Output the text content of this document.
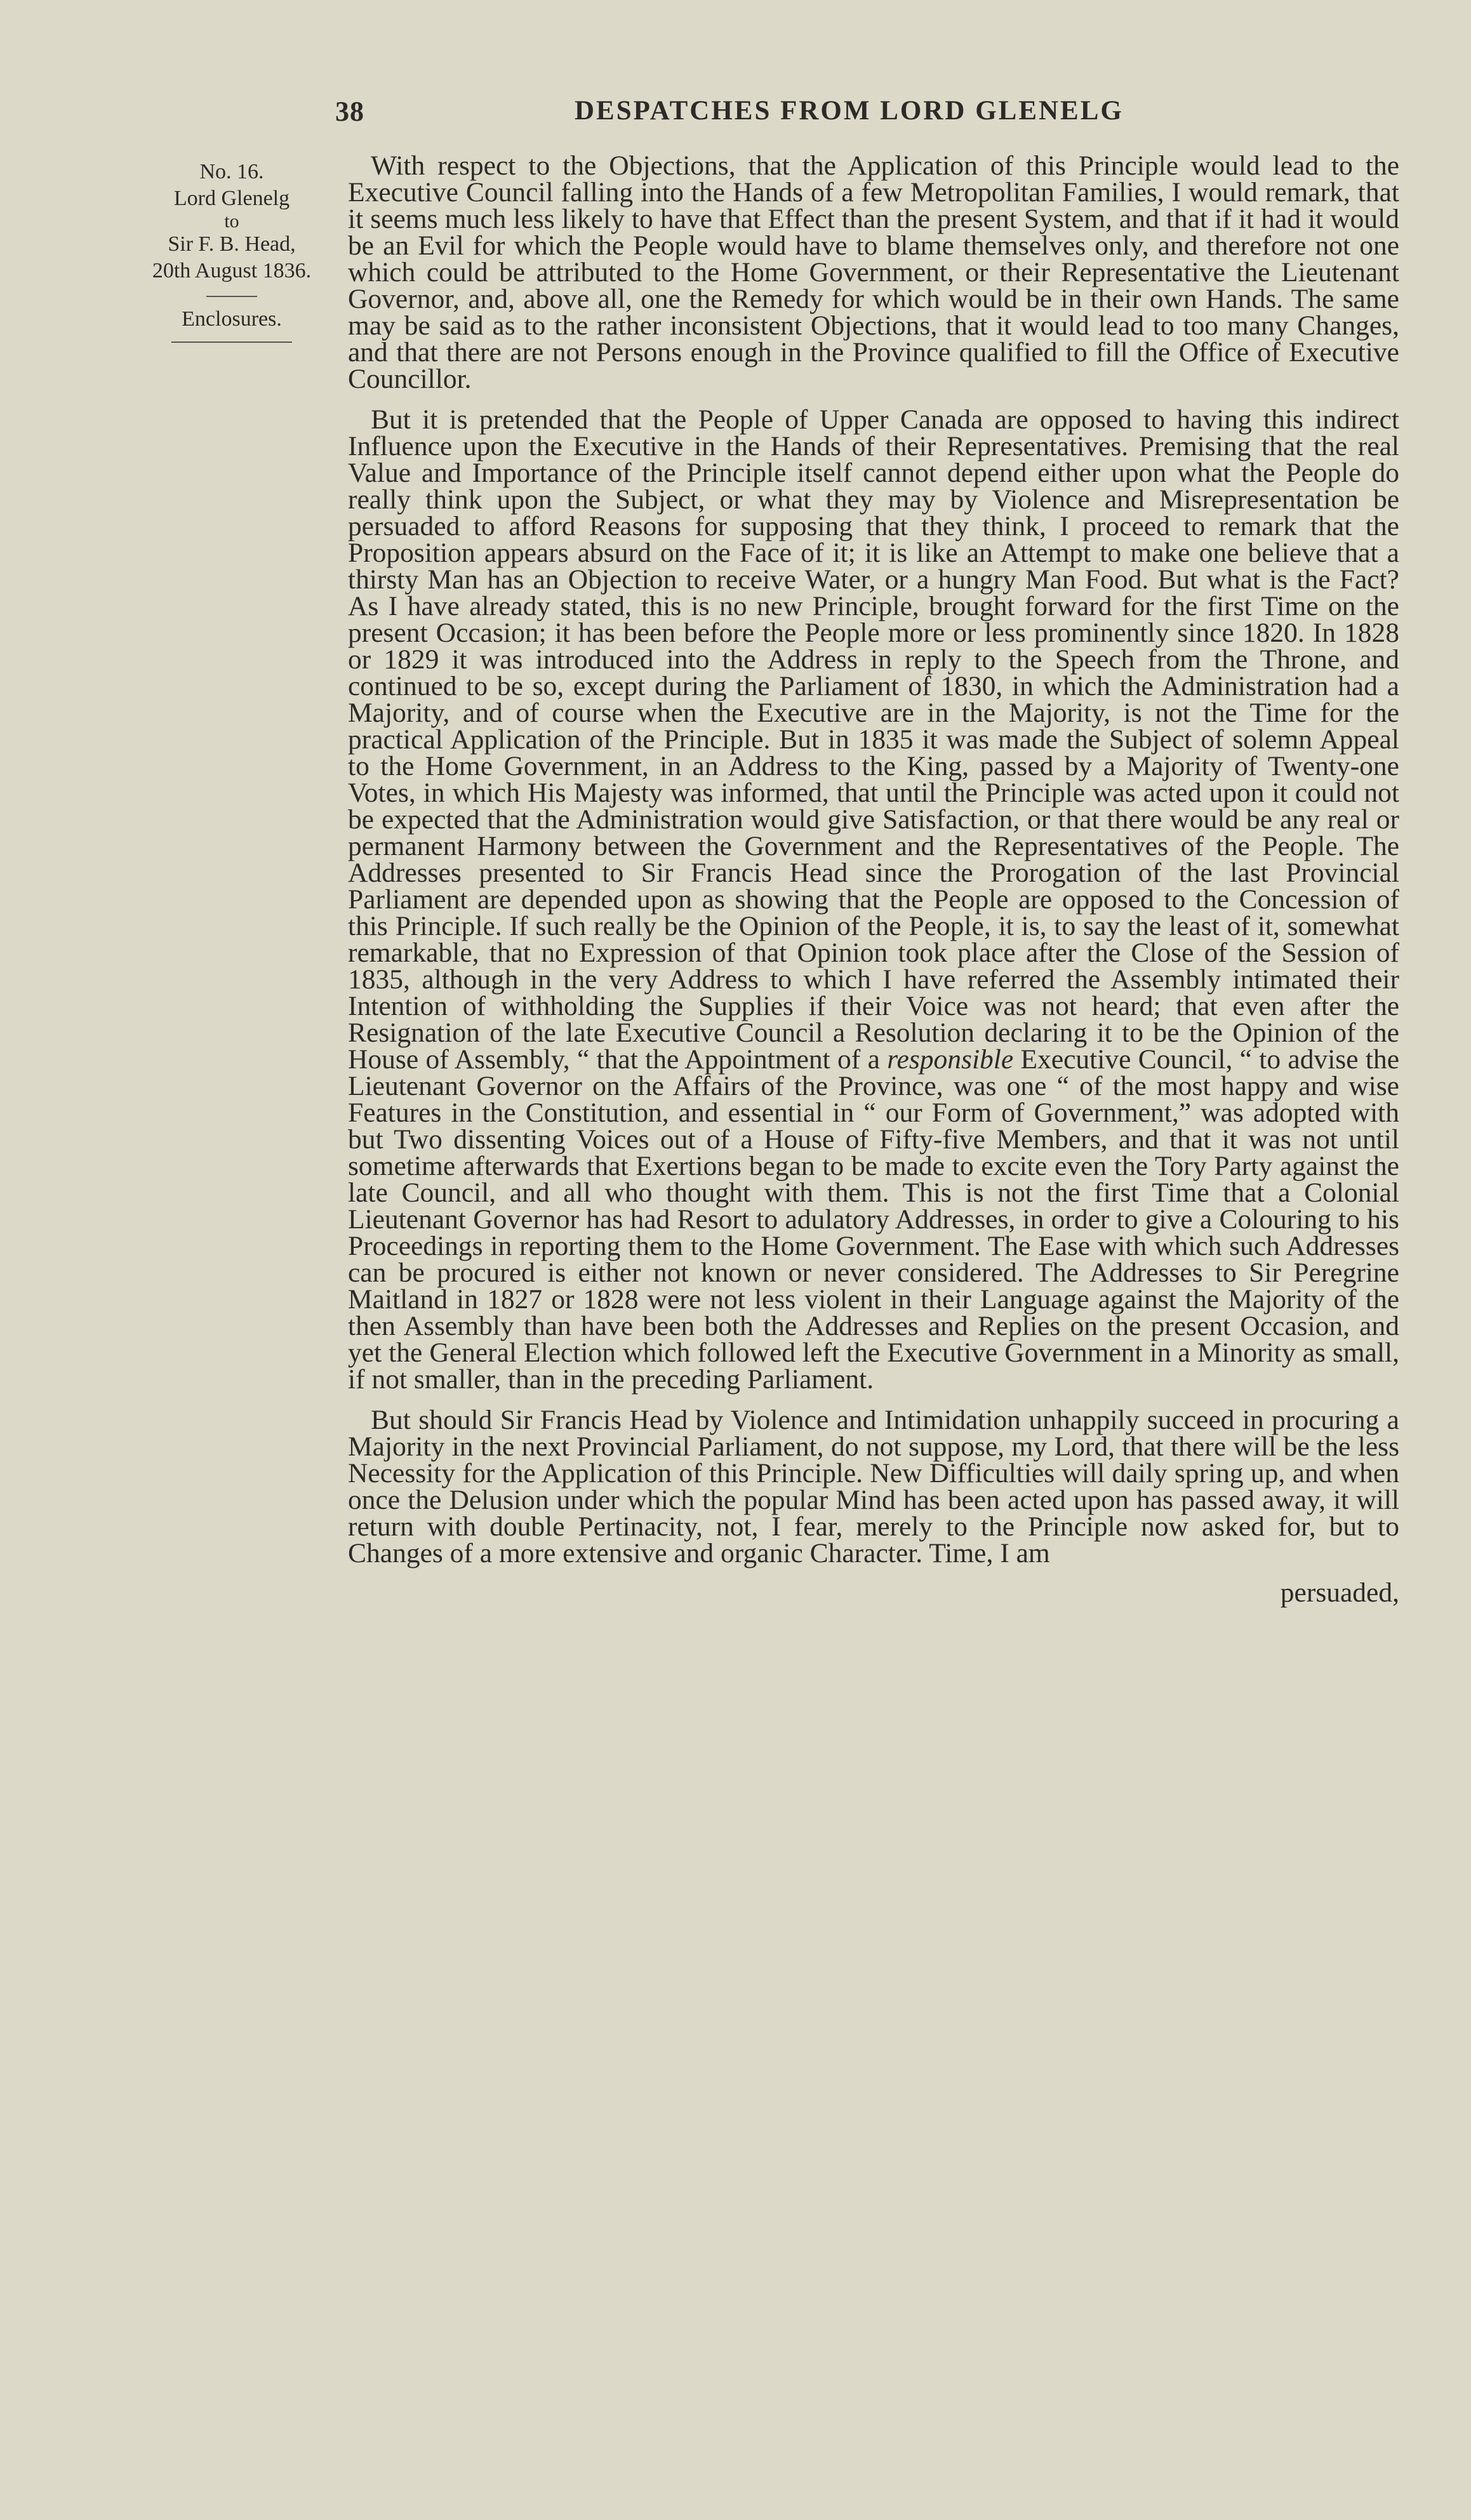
38	DESPATCHES FROM LORD GLENELG
No. 16.
Lord Glenelg
to
Sir F. B. Head,
20th August 1836.
Enclosures.

With respect to the Objections, that the Application of this Principle would lead to the Executive Council falling into the Hands of a few Metropolitan Families, I would remark, that it seems much less likely to have that Effect than the present System, and that if it had it would be an Evil for which the People would have to blame themselves only, and therefore not one which could be attributed to the Home Government, or their Representative the Lieutenant Governor, and, above all, one the Remedy for which would be in their own Hands. The same may be said as to the rather inconsistent Objections, that it would lead to too many Changes, and that there are not Persons enough in the Province qualified to fill the Office of Executive Councillor.

But it is pretended that the People of Upper Canada are opposed to having this indirect Influence upon the Executive in the Hands of their Representatives. Premising that the real Value and Importance of the Principle itself cannot depend either upon what the People do really think upon the Subject, or what they may by Violence and Misrepresentation be persuaded to afford Reasons for supposing that they think, I proceed to remark that the Proposition appears absurd on the Face of it; it is like an Attempt to make one believe that a thirsty Man has an Objection to receive Water, or a hungry Man Food. But what is the Fact? As I have already stated, this is no new Principle, brought forward for the first Time on the present Occasion; it has been before the People more or less prominently since 1820. In 1828 or 1829 it was introduced into the Address in reply to the Speech from the Throne, and continued to be so, except during the Parliament of 1830, in which the Administration had a Majority, and of course when the Executive are in the Majority, is not the Time for the practical Application of the Principle. But in 1835 it was made the Subject of solemn Appeal to the Home Government, in an Address to the King, passed by a Majority of Twenty-one Votes, in which His Majesty was informed, that until the Principle was acted upon it could not be expected that the Administration would give Satisfaction, or that there would be any real or permanent Harmony between the Government and the Representatives of the People. The Addresses presented to Sir Francis Head since the Prorogation of the last Provincial Parliament are depended upon as showing that the People are opposed to the Concession of this Principle. If such really be the Opinion of the People, it is, to say the least of it, somewhat remarkable, that no Expression of that Opinion took place after the Close of the Session of 1835, although in the very Address to which I have referred the Assembly intimated their Intention of withholding the Supplies if their Voice was not heard; that even after the Resignation of the late Executive Council a Resolution declaring it to be the Opinion of the House of Assembly, “ that the Appointment of a responsible Executive Council, “ to advise the Lieutenant Governor on the Affairs of the Province, was one “ of the most happy and wise Features in the Constitution, and essential in “ our Form of Government,” was adopted with but Two dissenting Voices out of a House of Fifty-five Members, and that it was not until sometime afterwards that Exertions began to be made to excite even the Tory Party against the late Council, and all who thought with them. This is not the first Time that a Colonial Lieutenant Governor has had Resort to adulatory Addresses, in order to give a Colouring to his Proceedings in reporting them to the Home Government. The Ease with which such Addresses can be procured is either not known or never considered. The Addresses to Sir Peregrine Maitland in 1827 or 1828 were not less violent in their Language against the Majority of the then Assembly than have been both the Addresses and Replies on the present Occasion, and yet the General Election which followed left the Executive Government in a Minority as small, if not smaller, than in the preceding Parliament.

But should Sir Francis Head by Violence and Intimidation unhappily succeed in procuring a Majority in the next Provincial Parliament, do not suppose, my Lord, that there will be the less Necessity for the Application of this Principle. New Difficulties will daily spring up, and when once the Delusion under which the popular Mind has been acted upon has passed away, it will return with double Pertinacity, not, I fear, merely to the Principle now asked for, but to Changes of a more extensive and organic Character. Time, I am

persuaded,
